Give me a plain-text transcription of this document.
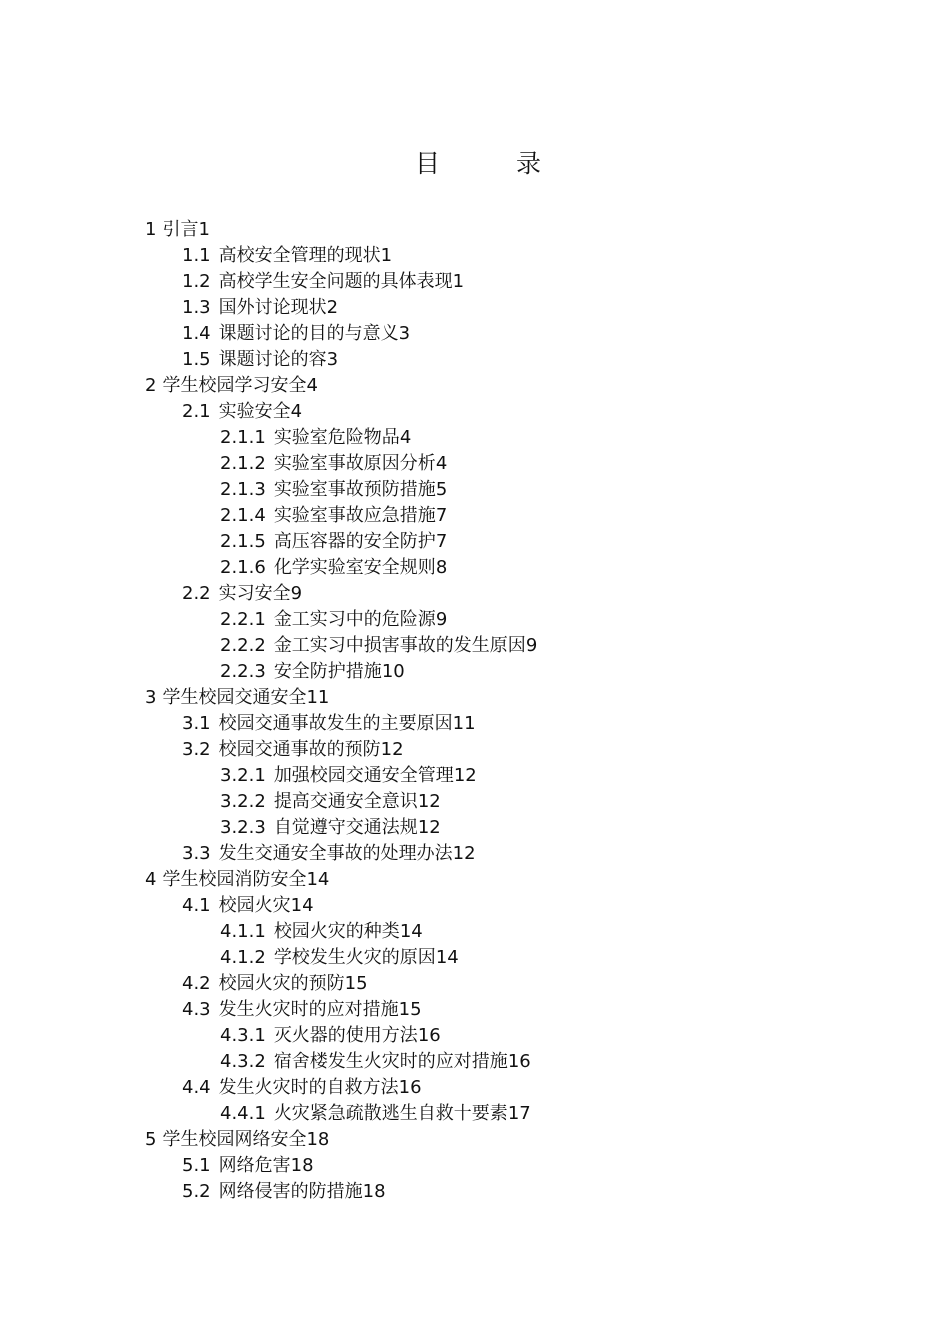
目 录
1 引言1
1.1 高校安全管理的现状1
1.2 高校学生安全问题的具体表现1
1.3 国外讨论现状2
1.4 课题讨论的目的与意义3
1.5 课题讨论的容3
2 学生校园学习安全4
2.1 实验安全4
2.1.1 实验室危险物品4
2.1.2 实验室事故原因分析4
2.1.3 实验室事故预防措施5
2.1.4 实验室事故应急措施7
2.1.5 高压容器的安全防护7
2.1.6 化学实验室安全规则8
2.2 实习安全9
2.2.1 金工实习中的危险源9
2.2.2 金工实习中损害事故的发生原因9
2.2.3 安全防护措施10
3 学生校园交通安全11
3.1 校园交通事故发生的主要原因11
3.2 校园交通事故的预防12
3.2.1 加强校园交通安全管理12
3.2.2 提高交通安全意识12
3.2.3 自觉遵守交通法规12
3.3 发生交通安全事故的处理办法12
4 学生校园消防安全14
4.1 校园火灾14
4.1.1 校园火灾的种类14
4.1.2 学校发生火灾的原因14
4.2 校园火灾的预防15
4.3 发生火灾时的应对措施15
4.3.1 灭火器的使用方法16
4.3.2 宿舍楼发生火灾时的应对措施16
4.4 发生火灾时的自救方法16
4.4.1 火灾紧急疏散逃生自救十要素17
5 学生校园网络安全18
5.1 网络危害18
5.2 网络侵害的防措施18
